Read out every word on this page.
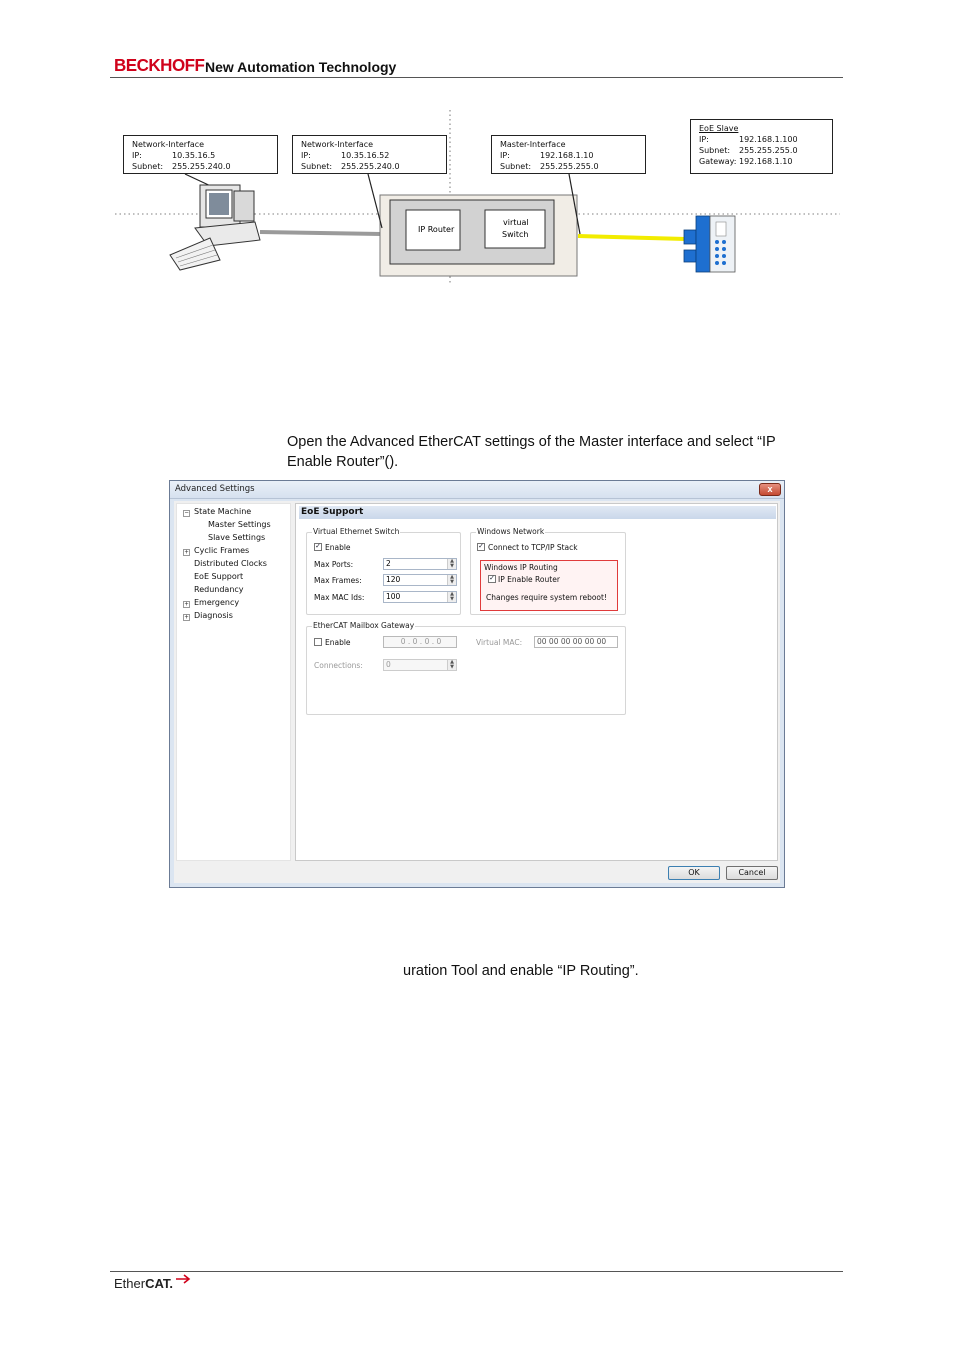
BECKHOFF New Automation Technology
Network-Interface
IP:	10.35.16.5
Subnet:	255.255.240.0
Network-Interface
IP:	10.35.16.52
Subnet:	255.255.240.0
Master-Interface
IP:	192.168.1.10
Subnet:	255.255.255.0
EoE Slave
IP:	192.168.1.100
Subnet:	255.255.255.0
Gateway: 192.168.1.10
IP Router
virtual
Switch
Open the Advanced EtherCAT settings of the Master interface and select “IP
Enable Router”().
Advanced Settings	x
− State Machine
Master Settings
Slave Settings
+ Cyclic Frames
Distributed Clocks
EoE Support
Redundancy
+ Emergency
+ Diagnosis
EoE Support
Virtual Ethernet Switch
✓ Enable
Max Ports:	2	▲
▼
Max Frames:	120	▲
▼
Max MAC Ids:	100	▲
▼
Windows Network
✓ Connect to TCP/IP Stack
Windows IP Routing
✓ IP Enable Router
Changes require system reboot!
EtherCAT Mailbox Gateway
Enable	0 . 0 . 0 . 0	Virtual MAC:	00 00 00 00 00 00
Connections:	0	▲
▼
OK	Cancel
uration Tool and enable “IP Routing”.
EtherCAT.
